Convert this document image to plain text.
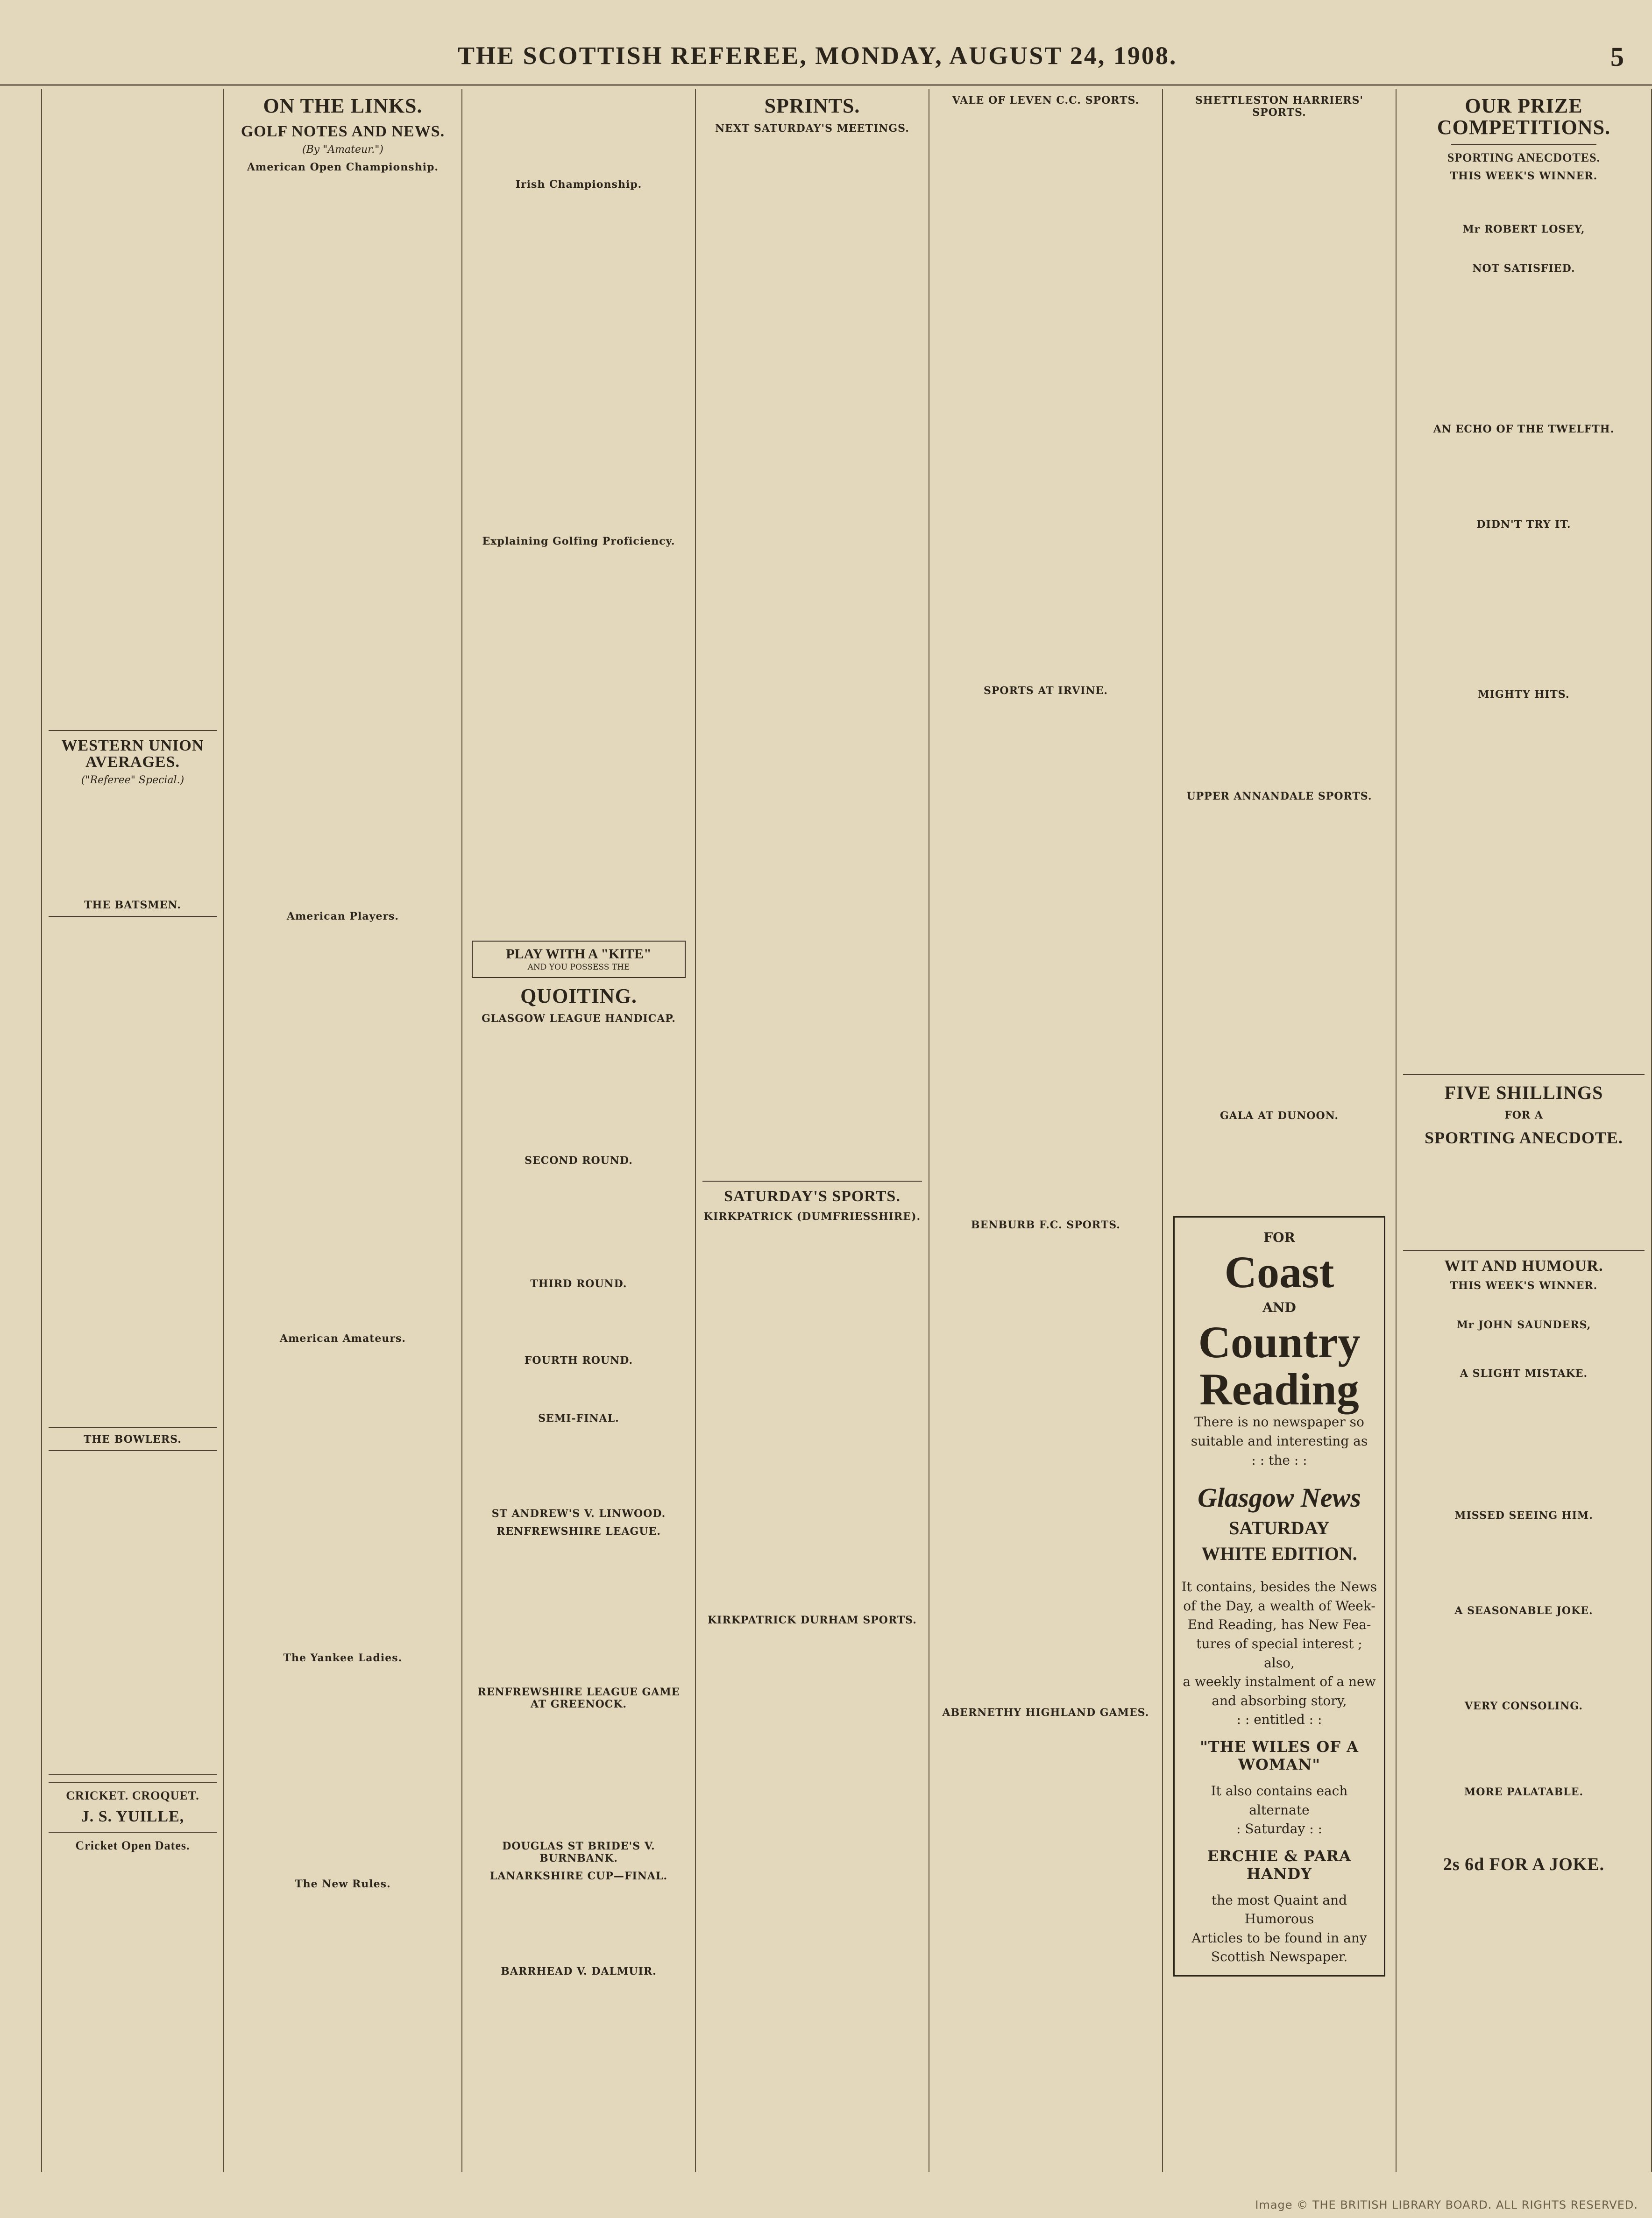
THE SCOTTISH REFEREE, MONDAY, AUGUST 24, 1908.	5

WESTERN UNION AVERAGES.
("Referee" Special.)
THE BATSMEN.
THE BOWLERS.
CRICKET. CROQUET.
J. S. YUILLE,
Cricket Open Dates.
ON THE LINKS.
GOLF NOTES AND NEWS.
(By "Amateur.")
American Open Championship.
American Players.
American Amateurs.
The Yankee Ladies.
The New Rules.
Irish Championship.
Explaining Golfing Proficiency.
PLAY WITH A "KITE"
AND YOU POSSESS THE
QUOITING.
GLASGOW LEAGUE HANDICAP.
SECOND ROUND.
THIRD ROUND.
FOURTH ROUND.
SEMI-FINAL.
ST ANDREW'S V. LINWOOD.
RENFREWSHIRE LEAGUE.
RENFREWSHIRE LEAGUE GAME AT GREENOCK.
DOUGLAS ST BRIDE'S V. BURNBANK.
LANARKSHIRE CUP—FINAL.
BARRHEAD V. DALMUIR.
SPRINTS.
NEXT SATURDAY'S MEETINGS.
SATURDAY'S SPORTS.
KIRKPATRICK (DUMFRIESSHIRE).
KIRKPATRICK DURHAM SPORTS.
VALE OF LEVEN C.C. SPORTS.
SPORTS AT IRVINE.
BENBURB F.C. SPORTS.
ABERNETHY HIGHLAND GAMES.
SHETTLESTON HARRIERS' SPORTS.
UPPER ANNANDALE SPORTS.
GALA AT DUNOON.
FOR
Coast
AND
Country
Reading
There is no newspaper so
suitable and interesting as
: : the : :
Glasgow News
SATURDAY
WHITE EDITION.
It contains, besides the News
of the Day, a wealth of Week-
End Reading, has New Fea-
tures of special interest ; also,
a weekly instalment of a new
and absorbing story,
: : entitled : :
"THE WILES OF A WOMAN"
It also contains each alternate
: Saturday : :
ERCHIE & PARA HANDY
the most Quaint and Humorous
Articles to be found in any
Scottish Newspaper.
OUR PRIZE COMPETITIONS.
SPORTING ANECDOTES.
THIS WEEK'S WINNER.
Mr ROBERT LOSEY,
NOT SATISFIED.
AN ECHO OF THE TWELFTH.
DIDN'T TRY IT.
MIGHTY HITS.
FIVE SHILLINGS
FOR A
SPORTING ANECDOTE.
WIT AND HUMOUR.
THIS WEEK'S WINNER.
Mr JOHN SAUNDERS,
A SLIGHT MISTAKE.
MISSED SEEING HIM.
A SEASONABLE JOKE.
VERY CONSOLING.
MORE PALATABLE.
2s 6d FOR A JOKE.
Image © THE BRITISH LIBRARY BOARD. ALL RIGHTS RESERVED.
